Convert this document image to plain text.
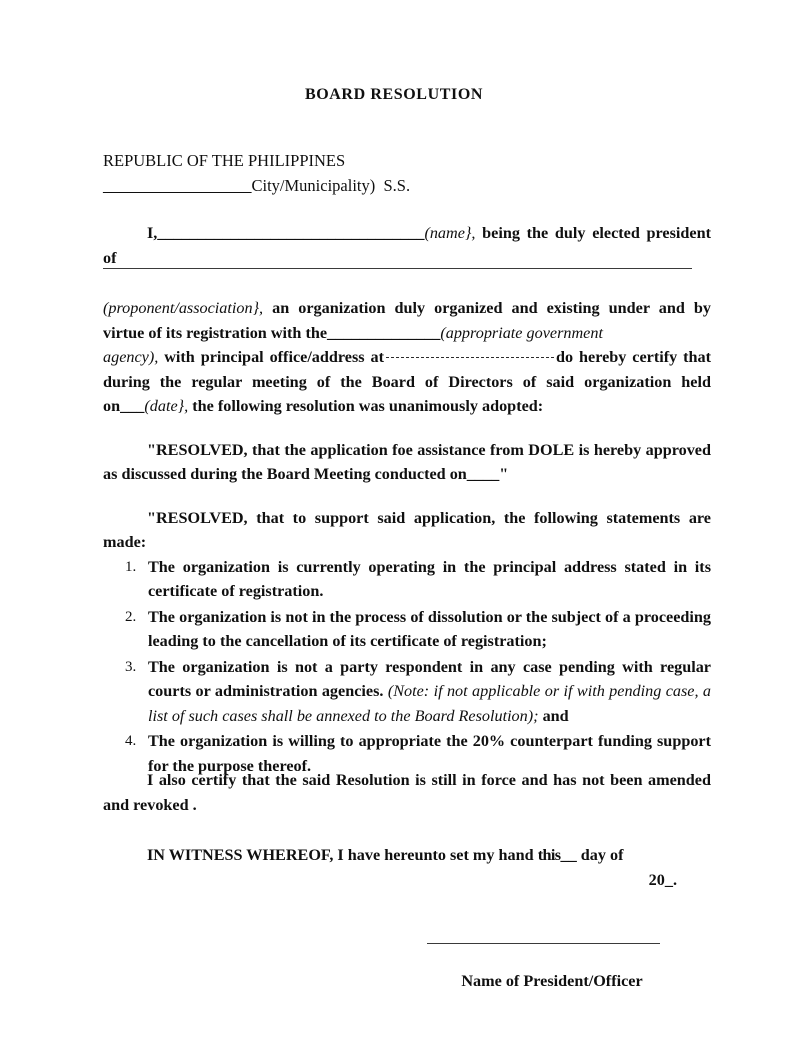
BOARD RESOLUTION
REPUBLIC OF THE PHILIPPINES
__________________City/Municipality)  S.S.

I,_________________________________(name}, being the duly elected president of

(proponent/association}, an organization duly organized and existing under and by virtue of its registration with the______________(appropriate government

agency), with principal office/address at	do hereby certify that during the regular meeting of the Board of Directors of said organization held on___(date}, the following resolution was unanimously adopted:

"RESOLVED, that the application foe assistance from DOLE is hereby approved as discussed during the Board Meeting conducted on____"

"RESOLVED, that to support said application, the following statements are made:

1. The organization is currently operating in the principal address stated in its certificate of registration.
2. The organization is not in the process of dissolution or the subject of a proceeding leading to the cancellation of its certificate of registration;
3. The organization is not a party respondent in any case pending with regular courts or administration agencies. (Note: if not applicable or if with pending case, a list of such cases shall be annexed to the Board Resolution); and
4. The organization is willing to appropriate the 20% counterpart funding support for the purpose thereof.

I also certify that the said Resolution is still in force and has not been amended and revoked .

IN WITNESS WHEREOF, I have hereunto set my hand this__ day of

20_.

Name of President/Officer
